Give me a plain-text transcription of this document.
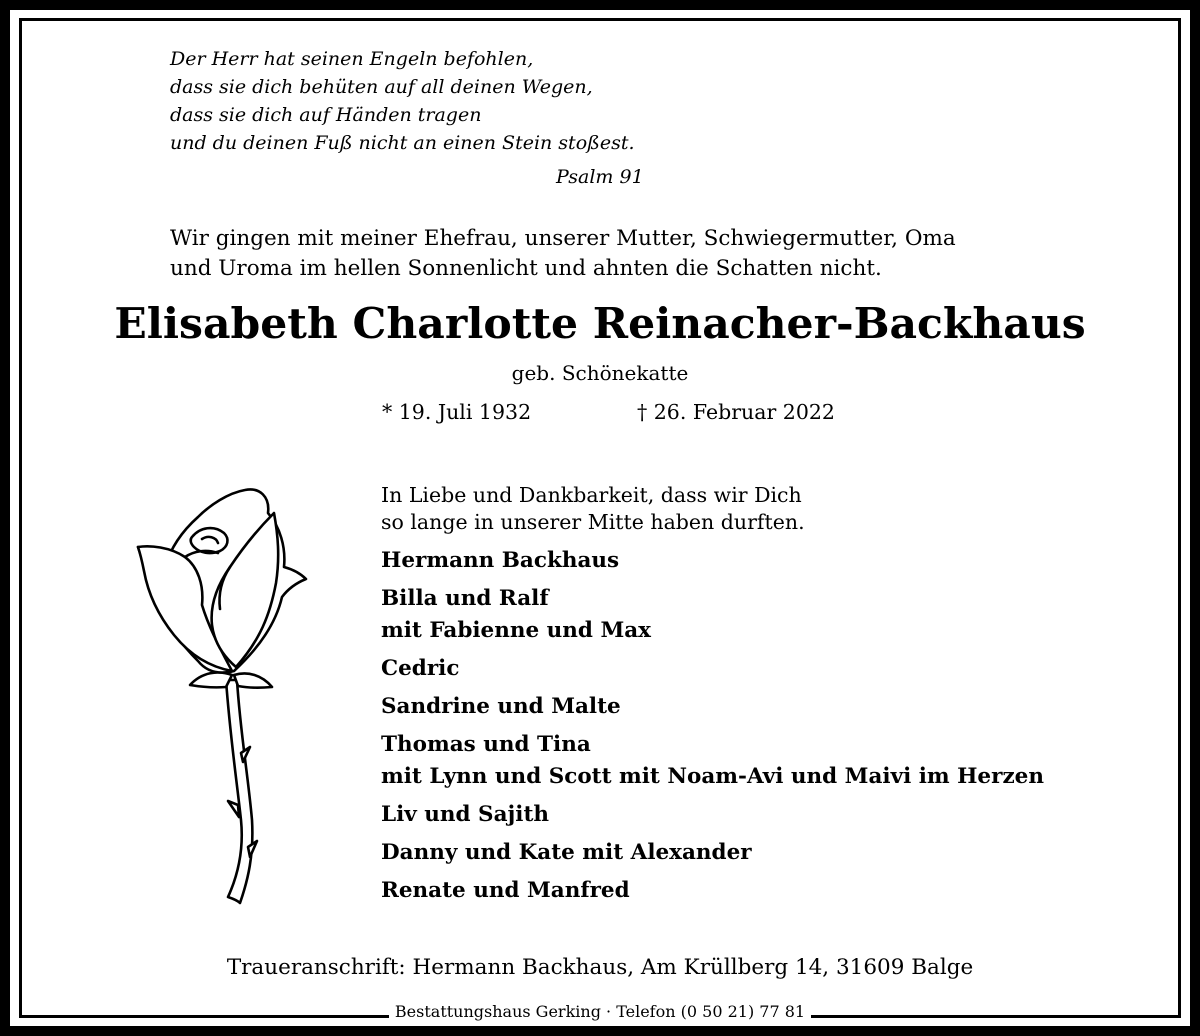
Der Herr hat seinen Engeln befohlen,
dass sie dich behüten auf all deinen Wegen,
dass sie dich auf Händen tragen
und du deinen Fuß nicht an einen Stein stoßest.
Psalm 91
Wir gingen mit meiner Ehefrau, unserer Mutter, Schwiegermutter, Oma
und Uroma im hellen Sonnenlicht und ahnten die Schatten nicht.
Elisabeth Charlotte Reinacher-Backhaus
geb. Schönekatte
* 19. Juli 1932	† 26. Februar 2022
In Liebe und Dankbarkeit, dass wir Dich
so lange in unserer Mitte haben durften.
Hermann Backhaus
Billa und Ralf
mit Fabienne und Max
Cedric
Sandrine und Malte
Thomas und Tina
mit Lynn und Scott mit Noam-Avi und Maivi im Herzen
Liv und Sajith
Danny und Kate mit Alexander
Renate und Manfred
Traueranschrift: Hermann Backhaus, Am Krüllberg 14, 31609 Balge
Bestattungshaus Gerking · Telefon (0 50 21) 77 81
